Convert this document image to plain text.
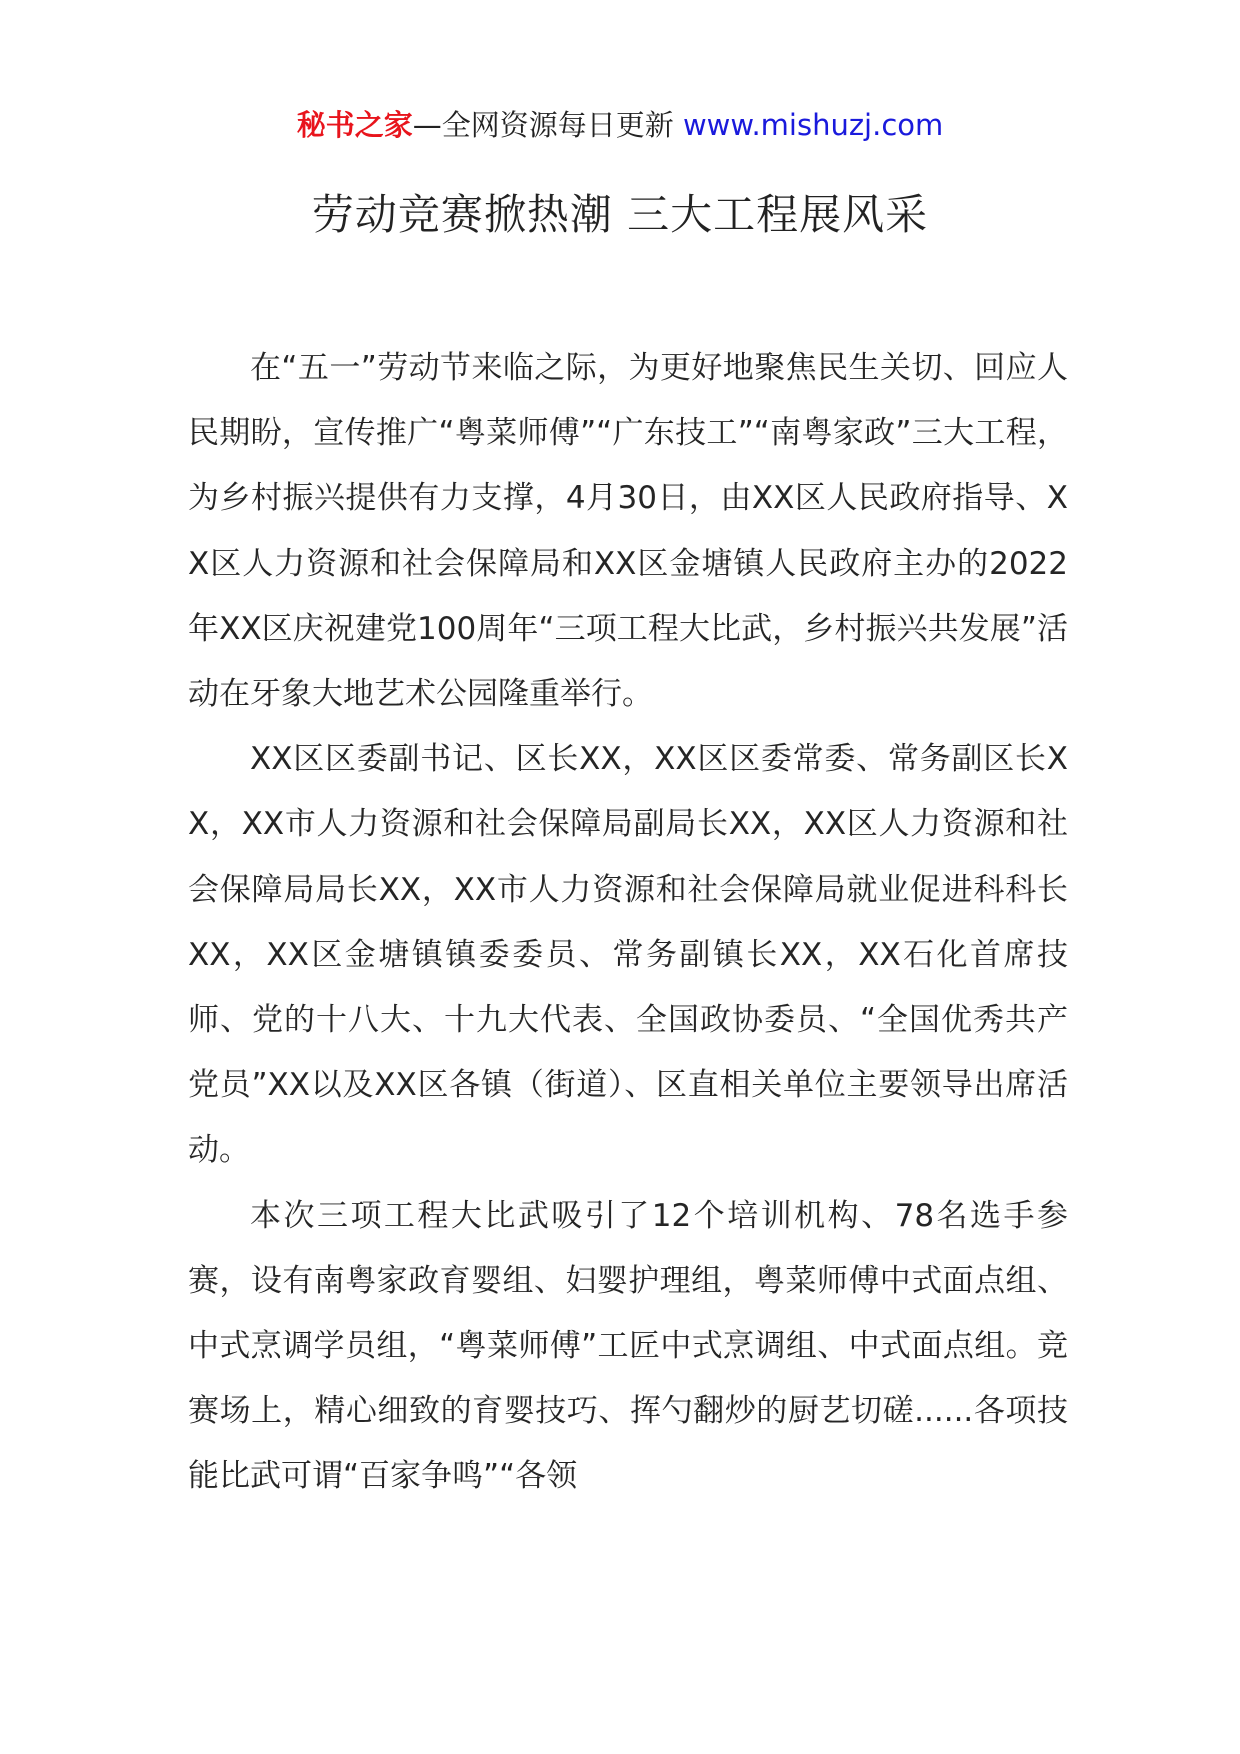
秘书之家—全网资源每日更新 www.mishuzj.com
劳动竞赛掀热潮 三大工程展风采

在“五一”劳动节来临之际，为更好地聚焦民生关切、回应人民期盼，宣传推广“粤菜师傅”“广东技工”“南粤家政”三大工程，为乡村振兴提供有力支撑，4月30日，由XX区人民政府指导、XX区人力资源和社会保障局和XX区金塘镇人民政府主办的2022年XX区庆祝建党100周年“三项工程大比武，乡村振兴共发展”活动在牙象大地艺术公园隆重举行。

XX区区委副书记、区长XX，XX区区委常委、常务副区长XX，XX市人力资源和社会保障局副局长XX，XX区人力资源和社会保障局局长XX，XX市人力资源和社会保障局就业促进科科长XX，XX区金塘镇镇委委员、常务副镇长XX，XX石化首席技师、党的十八大、十九大代表、全国政协委员、“全国优秀共产党员”XX以及XX区各镇（街道）、区直相关单位主要领导出席活动。

本次三项工程大比武吸引了12个培训机构、78名选手参赛，设有南粤家政育婴组、妇婴护理组，粤菜师傅中式面点组、中式烹调学员组，“粤菜师傅”工匠中式烹调组、中式面点组。竞赛场上，精心细致的育婴技巧、挥勺翻炒的厨艺切磋......各项技能比武可谓“百家争鸣”“各领
